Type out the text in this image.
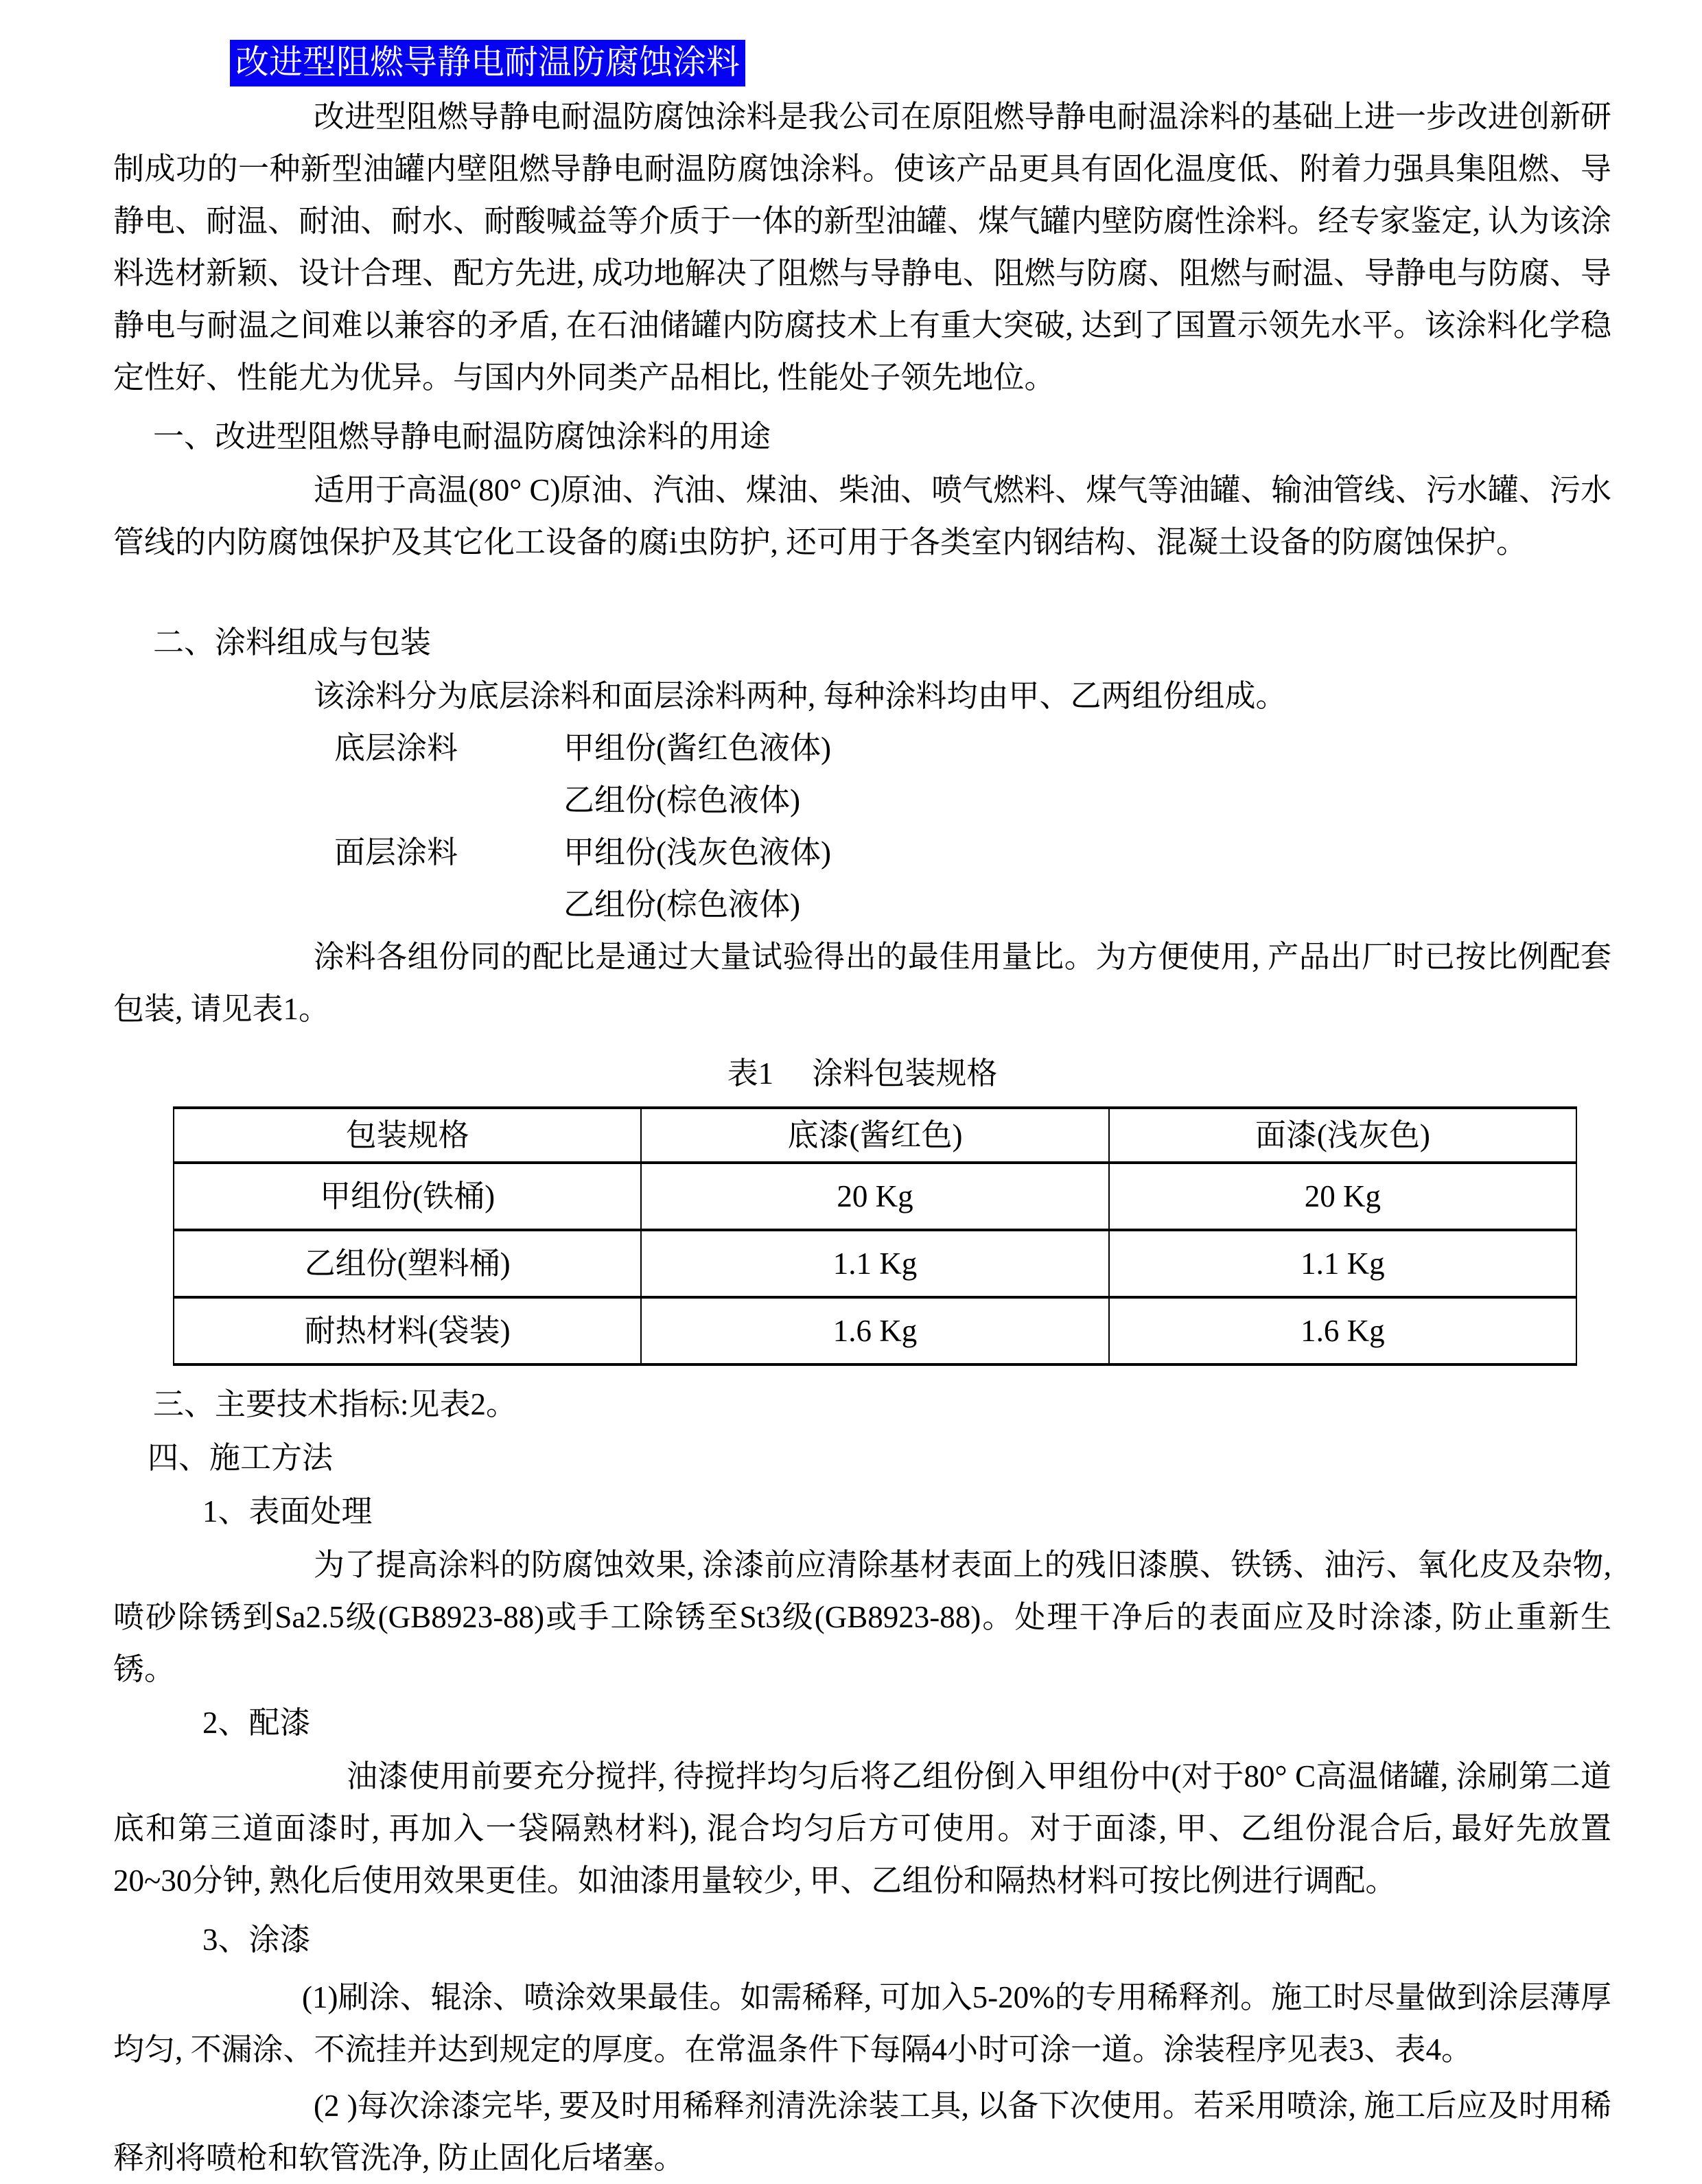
改进型阻燃导静电耐温防腐蚀涂料

改进型阻燃导静电耐温防腐蚀涂料是我公司在原阻燃导静电耐温涂料的基础上进一步改进创新研制成功的一种新型油罐内壁阻燃导静电耐温防腐蚀涂料。使该产品更具有固化温度低、附着力强具集阻燃、导静电、耐温、耐油、耐水、耐酸喊益等介质于一体的新型油罐、煤气罐内壁防腐性涂料。经专家鉴定, 认为该涂料选材新颖、设计合理、配方先进, 成功地解决了阻燃与导静电、阻燃与防腐、阻燃与耐温、导静电与防腐、导静电与耐温之间难以兼容的矛盾, 在石油储罐内防腐技术上有重大突破, 达到了国置示领先水平。该涂料化学稳定性好、性能尤为优异。与国内外同类产品相比, 性能处子领先地位。

一、改进型阻燃导静电耐温防腐蚀涂料的用途

适用于高温(80° C)原油、汽油、煤油、柴油、喷气燃料、煤气等油罐、输油管线、污水罐、污水管线的内防腐蚀保护及其它化工设备的腐i虫防护, 还可用于各类室内钢结构、混凝土设备的防腐蚀保护。

二、涂料组成与包装

该涂料分为底层涂料和面层涂料两种, 每种涂料均由甲、乙两组份组成。

底层涂料	甲组份(酱红色液体)
乙组份(棕色液体)
面层涂料	甲组份(浅灰色液体)
乙组份(棕色液体)

涂料各组份同的配比是通过大量试验得出的最佳用量比。为方便使用, 产品出厂时已按比例配套包装, 请见表1。

表1　 涂料包装规格
包装规格	底漆(酱红色)	面漆(浅灰色)
甲组份(铁桶)	20 Kg	20 Kg
乙组份(塑料桶)	1.1 Kg	1.1 Kg
耐热材料(袋装)	1.6 Kg	1.6 Kg
三、主要技术指标:见表2。
四、施工方法
1、表面处理

为了提高涂料的防腐蚀效果, 涂漆前应清除基材表面上的残旧漆膜、铁锈、油污、氧化皮及杂物, 喷砂除锈到Sa2.5级(GB8923-88)或手工除锈至St3级(GB8923-88)。处理干净后的表面应及时涂漆, 防止重新生锈。

2、配漆

油漆使用前要充分搅拌, 待搅拌均匀后将乙组份倒入甲组份中(对于80° C高温储罐, 涂刷第二道底和第三道面漆时, 再加入一袋隔熟材料), 混合均匀后方可使用。对于面漆, 甲、乙组份混合后, 最好先放置20~30分钟, 熟化后使用效果更佳。如油漆用量较少, 甲、乙组份和隔热材料可按比例进行调配。

3、涂漆

(1)刷涂、辊涂、喷涂效果最佳。如需稀释, 可加入5-20%的专用稀释剂。施工时尽量做到涂层薄厚均匀, 不漏涂、不流挂并达到规定的厚度。在常温条件下每隔4小时可涂一道。涂装程序见表3、表4。

(2 )每次涂漆完毕, 要及时用稀释剂清洗涂装工具, 以备下次使用。若采用喷涂, 施工后应及时用稀释剂将喷枪和软管洗净, 防止固化后堵塞。
